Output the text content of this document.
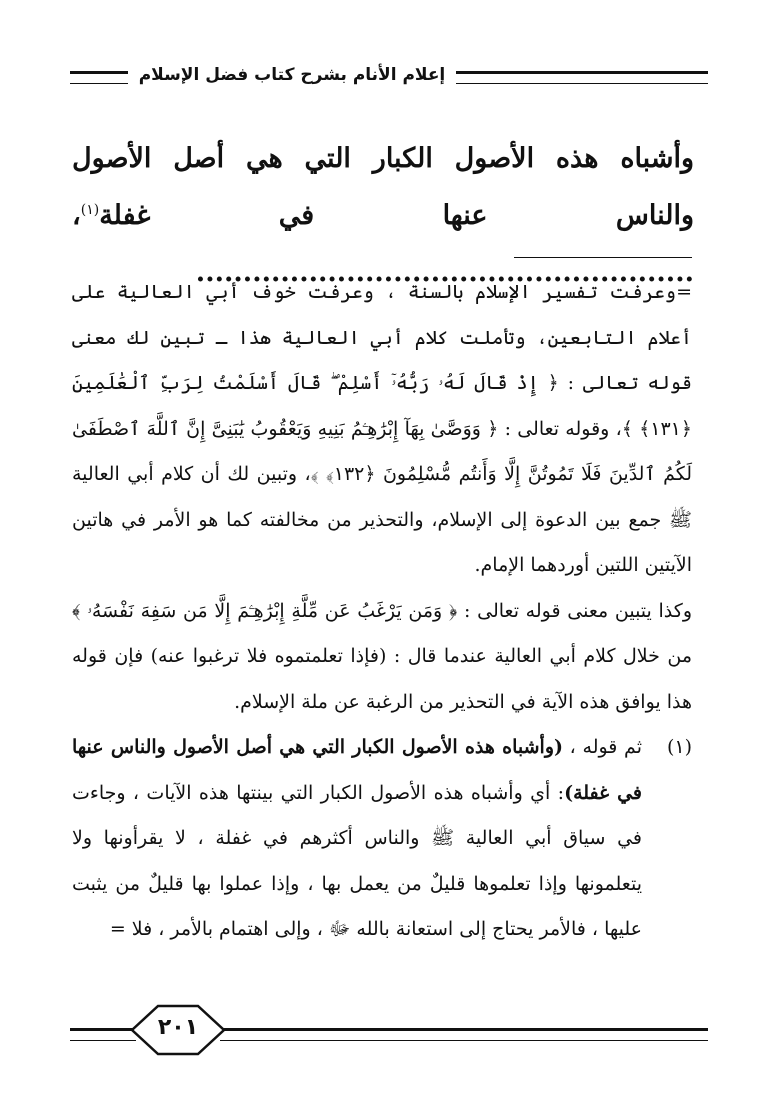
إعلام الأنام بشرح كتاب فضل الإسلام
وأشباه هذه الأصول الكبار التي هي أصل الأصول والناس عنها في غفلة$^{(١)}$، .....................................................

=وعرفت تفسير الإسلام بالسنة ، وعرفت خوف أبي العالية على أعلام التابعين، وتأملت كلام أبي العالية هذا ـ تبين لك معنى قوله تعالى : ﴿ إِذْ قَالَ لَهُۥ رَبُّهُۥٓ أَسْلِمْ ۖ قَالَ أَسْلَمْتُ لِرَبِّ ٱلْعَٰلَمِينَ ﴿١٣١﴾ ﴾، وقوله تعالى : ﴿ وَوَصَّىٰ بِهَآ إِبْرَٰهِـۧمُ بَنِيهِ وَيَعْقُوبُ يَٰبَنِىَّ إِنَّ ٱللَّهَ ٱصْطَفَىٰ لَكُمُ ٱلدِّينَ فَلَا تَمُوتُنَّ إِلَّا وَأَنتُم مُّسْلِمُونَ ﴿١٣٢﴾ ﴾، وتبين لك أن كلام أبي العالية ﷺ جمع بين الدعوة إلى الإسلام، والتحذير من مخالفته كما هو الأمر في هاتين الآيتين اللتين أوردهما الإمام.

وكذا يتبين معنى قوله تعالى : ﴿ وَمَن يَرْغَبُ عَن مِّلَّةِ إِبْرَٰهِـۧمَ إِلَّا مَن سَفِهَ نَفْسَهُۥ ﴾ من خلال كلام أبي العالية عندما قال : (فإذا تعلمتموه فلا ترغبوا عنه) فإن قوله هذا يوافق هذه الآية في التحذير من الرغبة عن ملة الإسلام.

(١)
ثم قوله ، (وأشباه هذه الأصول الكبار التي هي أصل الأصول والناس عنها في غفلة): أي وأشباه هذه الأصول الكبار التي بينتها هذه الآيات ، وجاءت في سياق أبي العالية ﷺ والناس أكثرهم في غفلة ، لا يقرأونها ولا يتعلمونها وإذا تعلموها قليلٌ من يعمل بها ، وإذا عملوا بها قليلٌ من يثبت عليها ، فالأمر يحتاج إلى استعانة بالله ﷻ ، وإلى اهتمام بالأمر ، فلا =

٢٠١
